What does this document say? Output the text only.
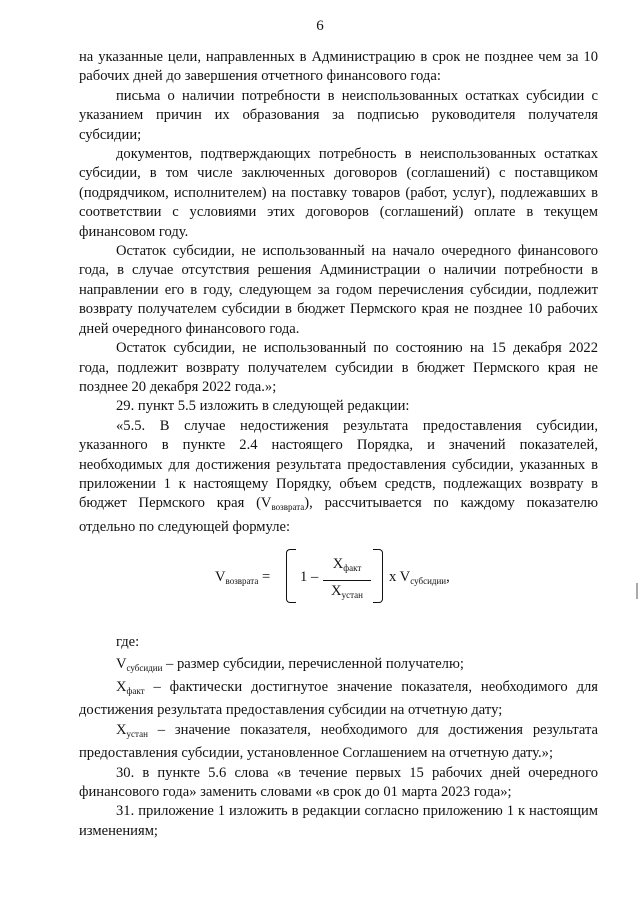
6

на указанные цели, направленных в Администрацию в срок не позднее чем за 10 рабочих дней до завершения отчетного финансового года:

письма о наличии потребности в неиспользованных остатках субсидии с указанием причин их образования за подписью руководителя получателя субсидии;

документов, подтверждающих потребность в неиспользованных остатках субсидии, в том числе заключенных договоров (соглашений) с поставщиком (подрядчиком, исполнителем) на поставку товаров (работ, услуг), подлежавших в соответствии с условиями этих договоров (соглашений) оплате в текущем финансовом году.

Остаток субсидии, не использованный на начало очередного финансового года, в случае отсутствия решения Администрации о наличии потребности в направлении его в году, следующем за годом перечисления субсидии, подлежит возврату получателем субсидии в бюджет Пермского края не позднее 10 рабочих дней очередного финансового года.

Остаток субсидии, не использованный по состоянию на 15 декабря 2022 года, подлежит возврату получателем субсидии в бюджет Пермского края не позднее 20 декабря 2022 года.»;

29. пункт 5.5 изложить в следующей редакции:

«5.5. В случае недостижения результата предоставления субсидии, указанного в пункте 2.4 настоящего Порядка, и значений показателей, необходимых для достижения результата предоставления субсидии, указанных в приложении 1 к настоящему Порядку, объем средств, подлежащих возврату в бюджет Пермского края $(V_{возврата})$, рассчитывается по каждому показателю отдельно по следующей формуле:

$V_{возврата} = 1$ –
$X_{факт}$
$X_{устан}$
x $V_{субсидии}$,

где:

$V_{субсидии}$ – размер субсидии, перечисленной получателю;

$X_{факт}$ – фактически достигнутое значение показателя, необходимого для достижения результата предоставления субсидии на отчетную дату;

$X_{устан}$ – значение показателя, необходимого для достижения результата предоставления субсидии, установленное Соглашением на отчетную дату.»;

30. в пункте 5.6 слова «в течение первых 15 рабочих дней очередного финансового года» заменить словами «в срок до 01 марта 2023 года»;

31. приложение 1 изложить в редакции согласно приложению 1 к настоящим изменениям;
